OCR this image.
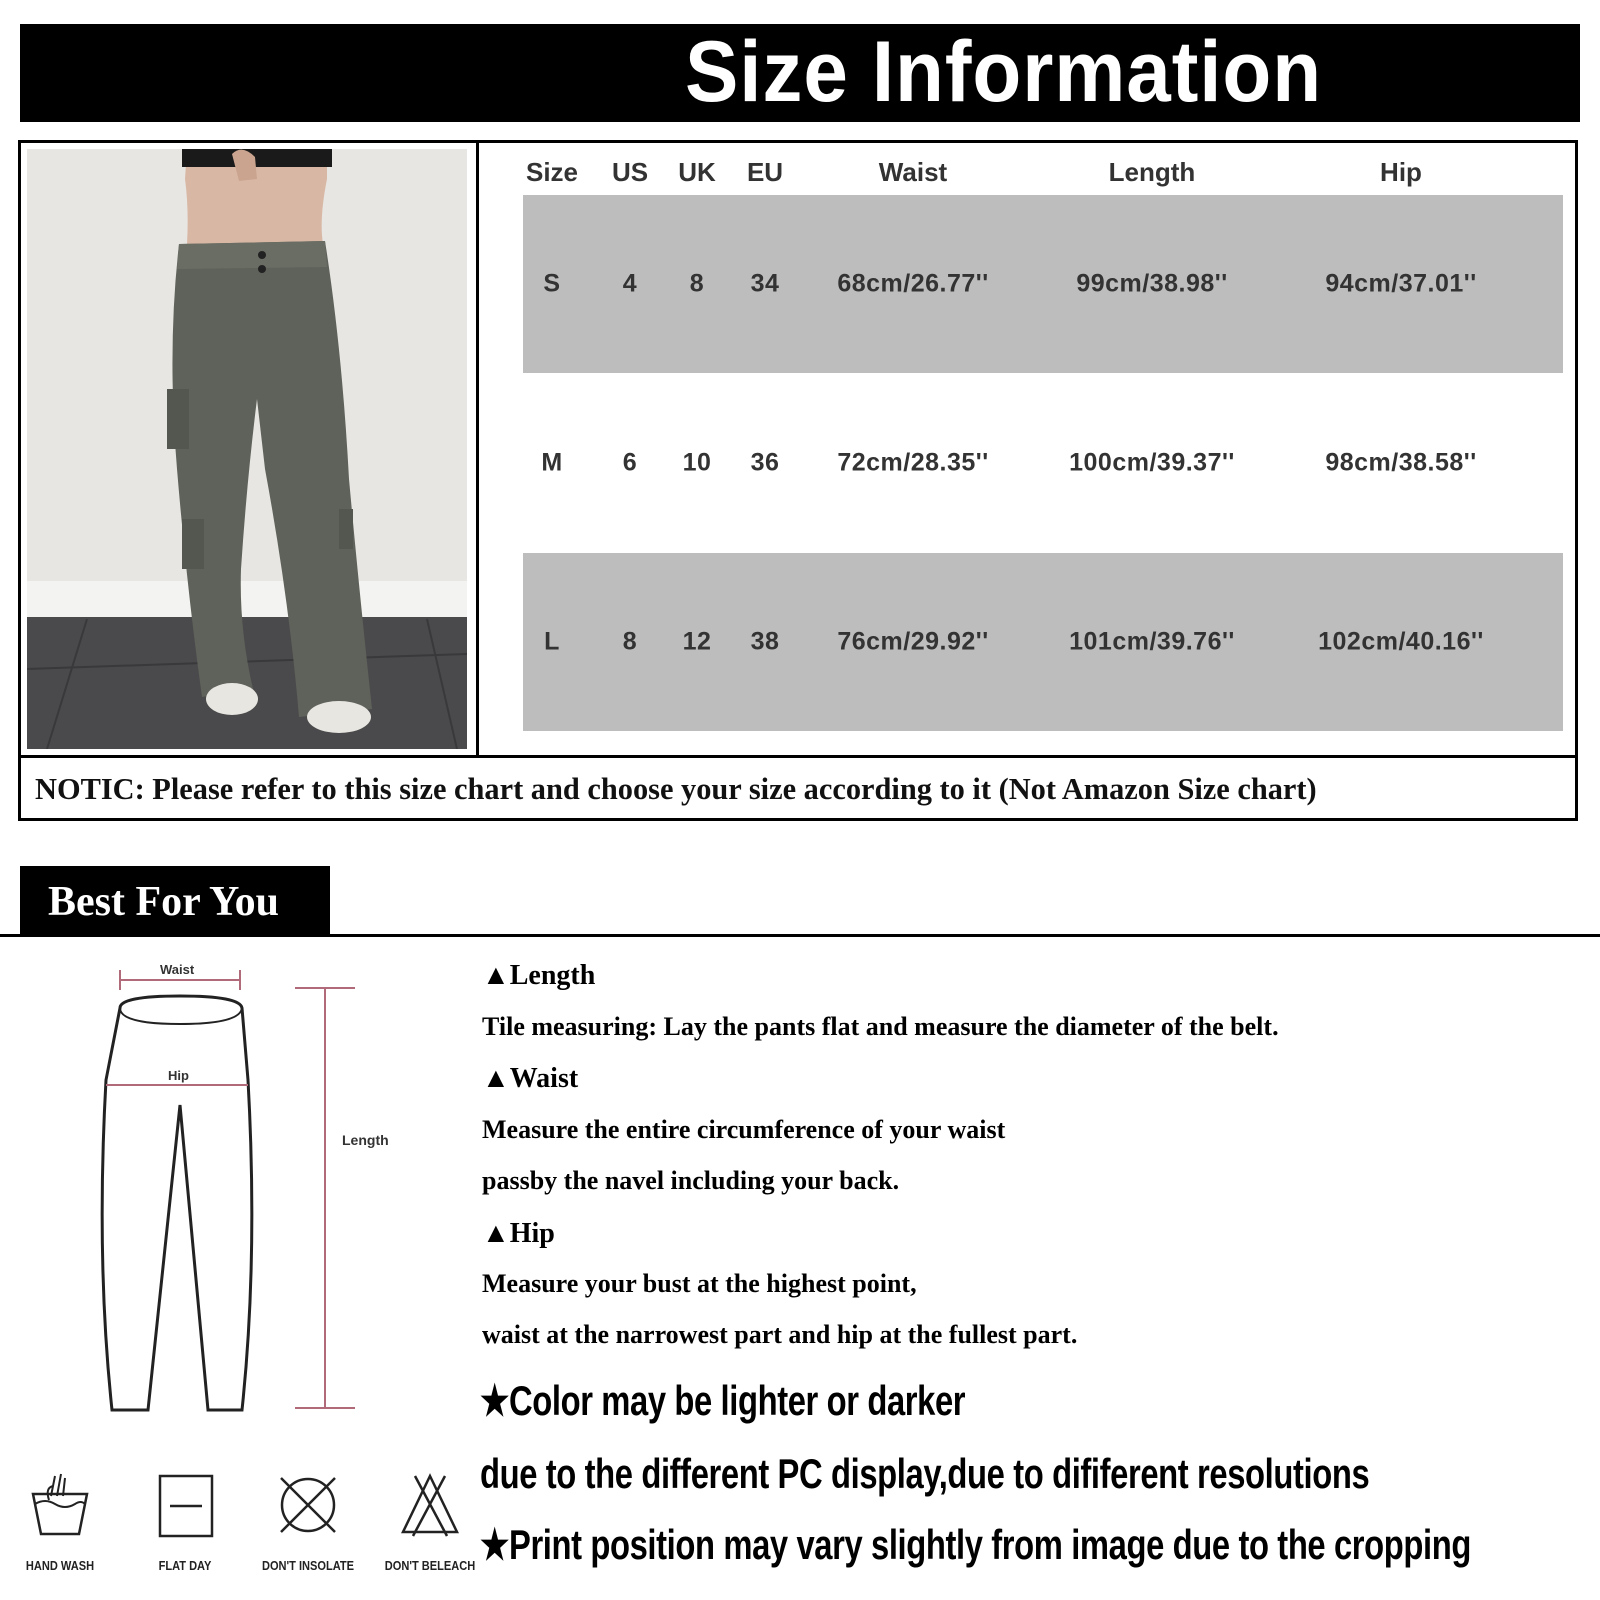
Size Information
Size US UK EU	Waist	Length	Hip
S 4 8 34 68cm/26.77''	99cm/38.98''	94cm/37.01''
M 6 10 36 72cm/28.35''	100cm/39.37''	98cm/38.58''
L	8 12 38 76cm/29.92''	101cm/39.76''	102cm/40.16''
NOTIC: Please refer to this size chart and choose your size according to it (Not Amazon Size chart)
Best For You
Waist
Hip
Length
HAND WASH	FLAT DAY	DON'T INSOLATE DON'T BELEACH
▲Length
Tile measuring: Lay the pants flat and measure the diameter of the belt.
▲Waist
Measure the entire circumference of your waist
passby the navel including your back.
▲Hip
Measure your bust at the highest point,
waist at the narrowest part and hip at the fullest part.
★Color may be lighter or darker
due to the different PC display,due to dififerent resolutions
★Print position may vary slightly from image due to the cropping
